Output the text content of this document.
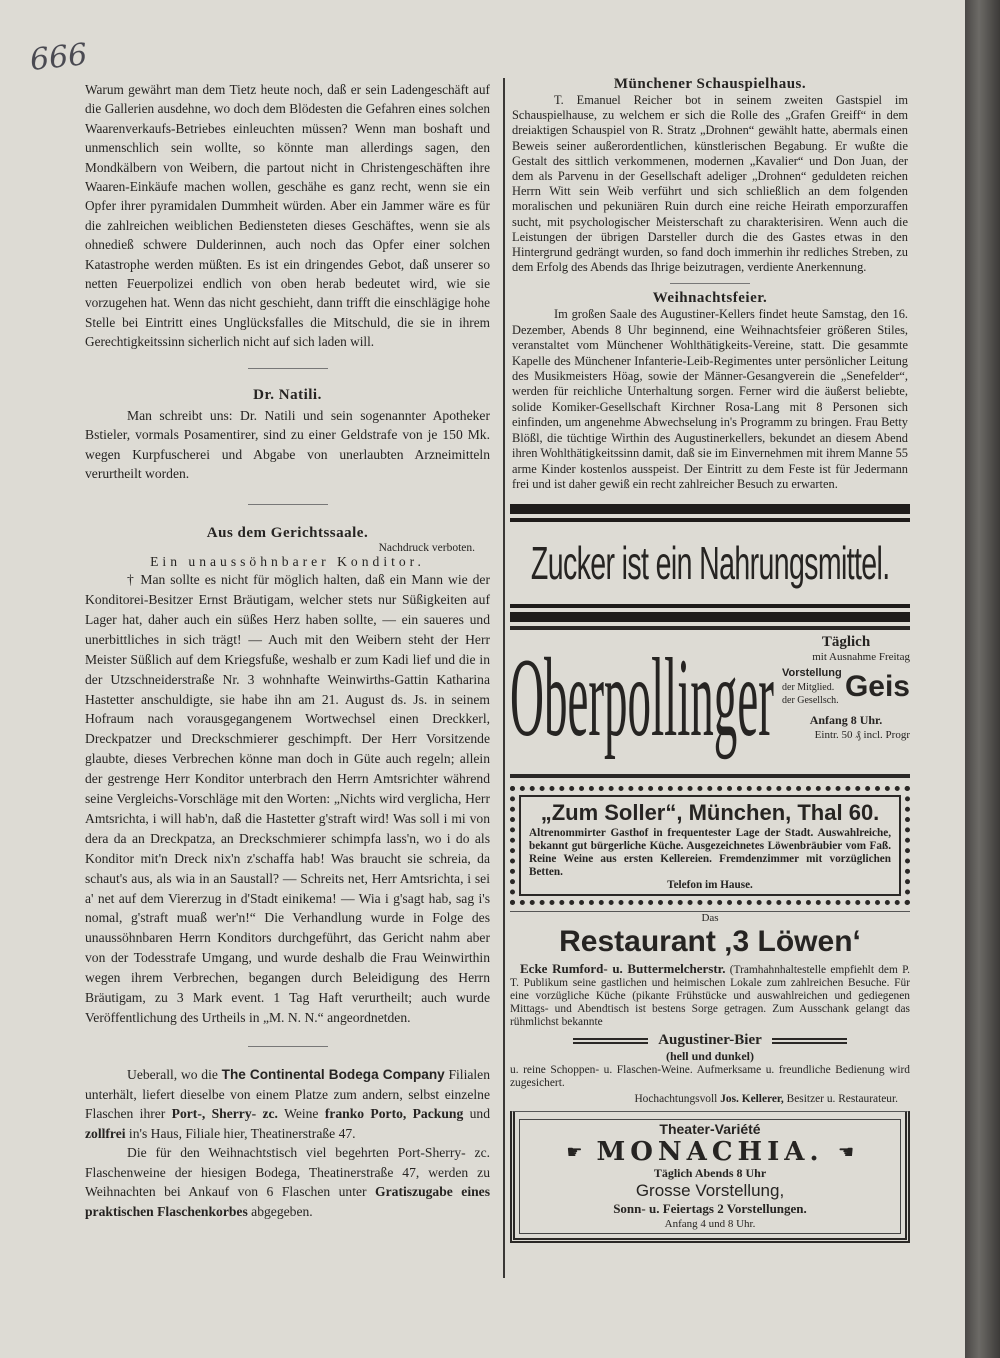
666

Warum gewährt man dem Tietz heute noch, daß er sein Ladengeschäft auf die Gallerien ausdehne, wo doch dem Blödesten die Gefahren eines solchen Waarenverkaufs-Betriebes einleuchten müssen? Wenn man boshaft und unmenschlich sein wollte, so könnte man allerdings sagen, den Mondkälbern von Weibern, die partout nicht in Christengeschäften ihre Waaren-Einkäufe machen wollen, geschähe es ganz recht, wenn sie ein Opfer ihrer pyramidalen Dummheit würden. Aber ein Jammer wäre es für die zahlreichen weiblichen Bediensteten dieses Geschäftes, wenn sie als ohnedieß schwere Dulderinnen, auch noch das Opfer einer solchen Katastrophe werden müßten. Es ist ein dringendes Gebot, daß unserer so netten Feuerpolizei endlich von oben herab bedeutet wird, wie sie vorzugehen hat. Wenn das nicht geschieht, dann trifft die einschlägige hohe Stelle bei Eintritt eines Unglücksfalles die Mitschuld, die sie in ihrem Gerechtigkeitssinn sicherlich nicht auf sich laden will.

Dr. Natili.

Man schreibt uns: Dr. Natili und sein sogenannter Apotheker Bstieler, vormals Posamentirer, sind zu einer Geldstrafe von je 150 Mk. wegen Kurpfuscherei und Abgabe von unerlaubten Arzneimitteln verurtheilt worden.

Aus dem Gerichtssaale.

Nachdruck verboten.

Ein unaussöhnbarer Konditor.

† Man sollte es nicht für möglich halten, daß ein Mann wie der Konditorei-Besitzer Ernst Bräutigam, welcher stets nur Süßigkeiten auf Lager hat, daher auch ein süßes Herz haben sollte, — ein saueres und unerbittliches in sich trägt! — Auch mit den Weibern steht der Herr Meister Süßlich auf dem Kriegsfuße, weshalb er zum Kadi lief und die in der Utzschneiderstraße Nr. 3 wohnhafte Weinwirths-Gattin Katharina Hastetter anschuldigte, sie habe ihn am 21. August ds. Js. in seinem Hofraum nach vorausgegangenem Wortwechsel einen Dreckkerl, Dreckpatzer und Dreckschmierer geschimpft. Der Herr Vorsitzende glaubte, dieses Verbrechen könne man doch in Güte auch regeln; allein der gestrenge Herr Konditor unterbrach den Herrn Amtsrichter während seine Vergleichs-Vorschläge mit den Worten: „Nichts wird verglicha, Herr Amtsrichta, i will hab'n, daß die Hastetter g'straft wird! Was soll i mi von dera da an Dreckpatza, an Dreckschmierer schimpfa lass'n, wo i do als Konditor mit'n Dreck nix'n z'schaffa hab! Was braucht sie schreia, da schaut's aus, als wia in an Saustall? — Schreits net, Herr Amtsrichta, i sei a' net auf dem Viererzug in d'Stadt einikema! — Wia i g'sagt hab, sag i's nomal, g'straft muaß wer'n!“ Die Verhandlung wurde in Folge des unaussöhnbaren Herrn Konditors durchgeführt, das Gericht nahm aber von der Todesstrafe Umgang, und wurde deshalb die Frau Weinwirthin wegen ihrem Verbrechen, begangen durch Beleidigung des Herrn Bräutigam, zu 3 Mark event. 1 Tag Haft verurtheilt; auch wurde Veröffentlichung des Urtheils in „M. N. N.“ angeordnetden.

Ueberall, wo die The Continental Bodega Company Filialen unterhält, liefert dieselbe von einem Platze zum andern, selbst einzelne Flaschen ihrer Port-, Sherry- zc. Weine franko Porto, Packung und zollfrei in's Haus, Filiale hier, Theatinerstraße 47.

Die für den Weihnachtstisch viel begehrten Port-Sherry- zc. Flaschenweine der hiesigen Bodega, Theatinerstraße 47, werden zu Weihnachten bei Ankauf von 6 Flaschen unter Gratiszugabe eines praktischen Flaschenkorbes abgegeben.

Münchener Schauspielhaus.

T. Emanuel Reicher bot in seinem zweiten Gastspiel im Schauspielhause, zu welchem er sich die Rolle des „Grafen Greiff“ in dem dreiaktigen Schauspiel von R. Stratz „Drohnen“ gewählt hatte, abermals einen Beweis seiner außerordentlichen, künstlerischen Begabung. Er wußte die Gestalt des sittlich verkommenen, modernen „Kavalier“ und Don Juan, der dem als Parvenu in der Gesellschaft adeliger „Drohnen“ geduldeten reichen Herrn Witt sein Weib verführt und sich schließlich an dem folgenden moralischen und pekuniären Ruin durch eine reiche Heirath emporzuraffen sucht, mit psychologischer Meisterschaft zu charakterisiren. Wenn auch die Leistungen der übrigen Darsteller durch die des Gastes etwas in den Hintergrund gedrängt wurden, so fand doch immerhin ihr redliches Streben, zu dem Erfolg des Abends das Ihrige beizutragen, verdiente Anerkennung.

Weihnachtsfeier.

Im großen Saale des Augustiner-Kellers findet heute Samstag, den 16. Dezember, Abends 8 Uhr beginnend, eine Weihnachtsfeier größeren Stiles, veranstaltet vom Münchener Wohlthätigkeits-Vereine, statt. Die gesammte Kapelle des Münchener Infanterie-Leib-Regimentes unter persönlicher Leitung des Musikmeisters Höag, sowie der Männer-Gesangverein die „Senefelder“, werden für reichliche Unterhaltung sorgen. Ferner wird die äußerst beliebte, solide Komiker-Gesellschaft Kirchner Rosa-Lang mit 8 Personen sich einfinden, um angenehme Abwechselung in's Programm zu bringen. Frau Betty Blößl, die tüchtige Wirthin des Augustinerkellers, bekundet an diesem Abend ihren Wohlthätigkeitssinn damit, daß sie im Einvernehmen mit ihrem Manne 55 arme Kinder kostenlos ausspeist. Der Eintritt zu dem Feste ist für Jedermann frei und ist daher gewiß ein recht zahlreicher Besuch zu erwarten.

Zucker ist ein Nahrungsmittel.
Oberpollinger	Täglich
mit Ausnahme Freitag
Vorstellung
der Mitglied.
der Gesellsch. Geis
Anfang 8 Uhr.
Eintr. 50 ₰ incl. Progr
„Zum Soller“, München, Thal 60.
Altrenommirter Gasthof in frequentester Lage der Stadt. Auswahlreiche, bekannt gut bürgerliche Küche. Ausgezeichnetes Löwenbräubier vom Faß. Reine Weine aus ersten Kellereien. Fremdenzimmer mit vorzüglichen Betten.
Telefon im Hause.
Das
Restaurant ‚3 Löwen‘
Ecke Rumford- u. Buttermelcherstr. (Tramhahnhaltestelle empfiehlt dem P. T. Publikum seine gastlichen und heimischen Lokale zum zahlreichen Besuche. Für eine vorzügliche Küche (pikante Frühstücke und auswahlreichen und gediegenen Mittags- und Abendtisch ist bestens Sorge getragen. Zum Ausschank gelangt das rühmlichst bekannte
Augustiner-Bier
(hell und dunkel)
u. reine Schoppen- u. Flaschen-Weine. Aufmerksame u. freundliche Bedienung wird zugesichert.
Hochachtungsvoll Jos. Kellerer, Besitzer u. Restaurateur.
Theater-Variété
☛ MONACHIA. ☛
Täglich Abends 8 Uhr
Grosse Vorstellung,
Sonn- u. Feiertags 2 Vorstellungen.
Anfang 4 und 8 Uhr.
